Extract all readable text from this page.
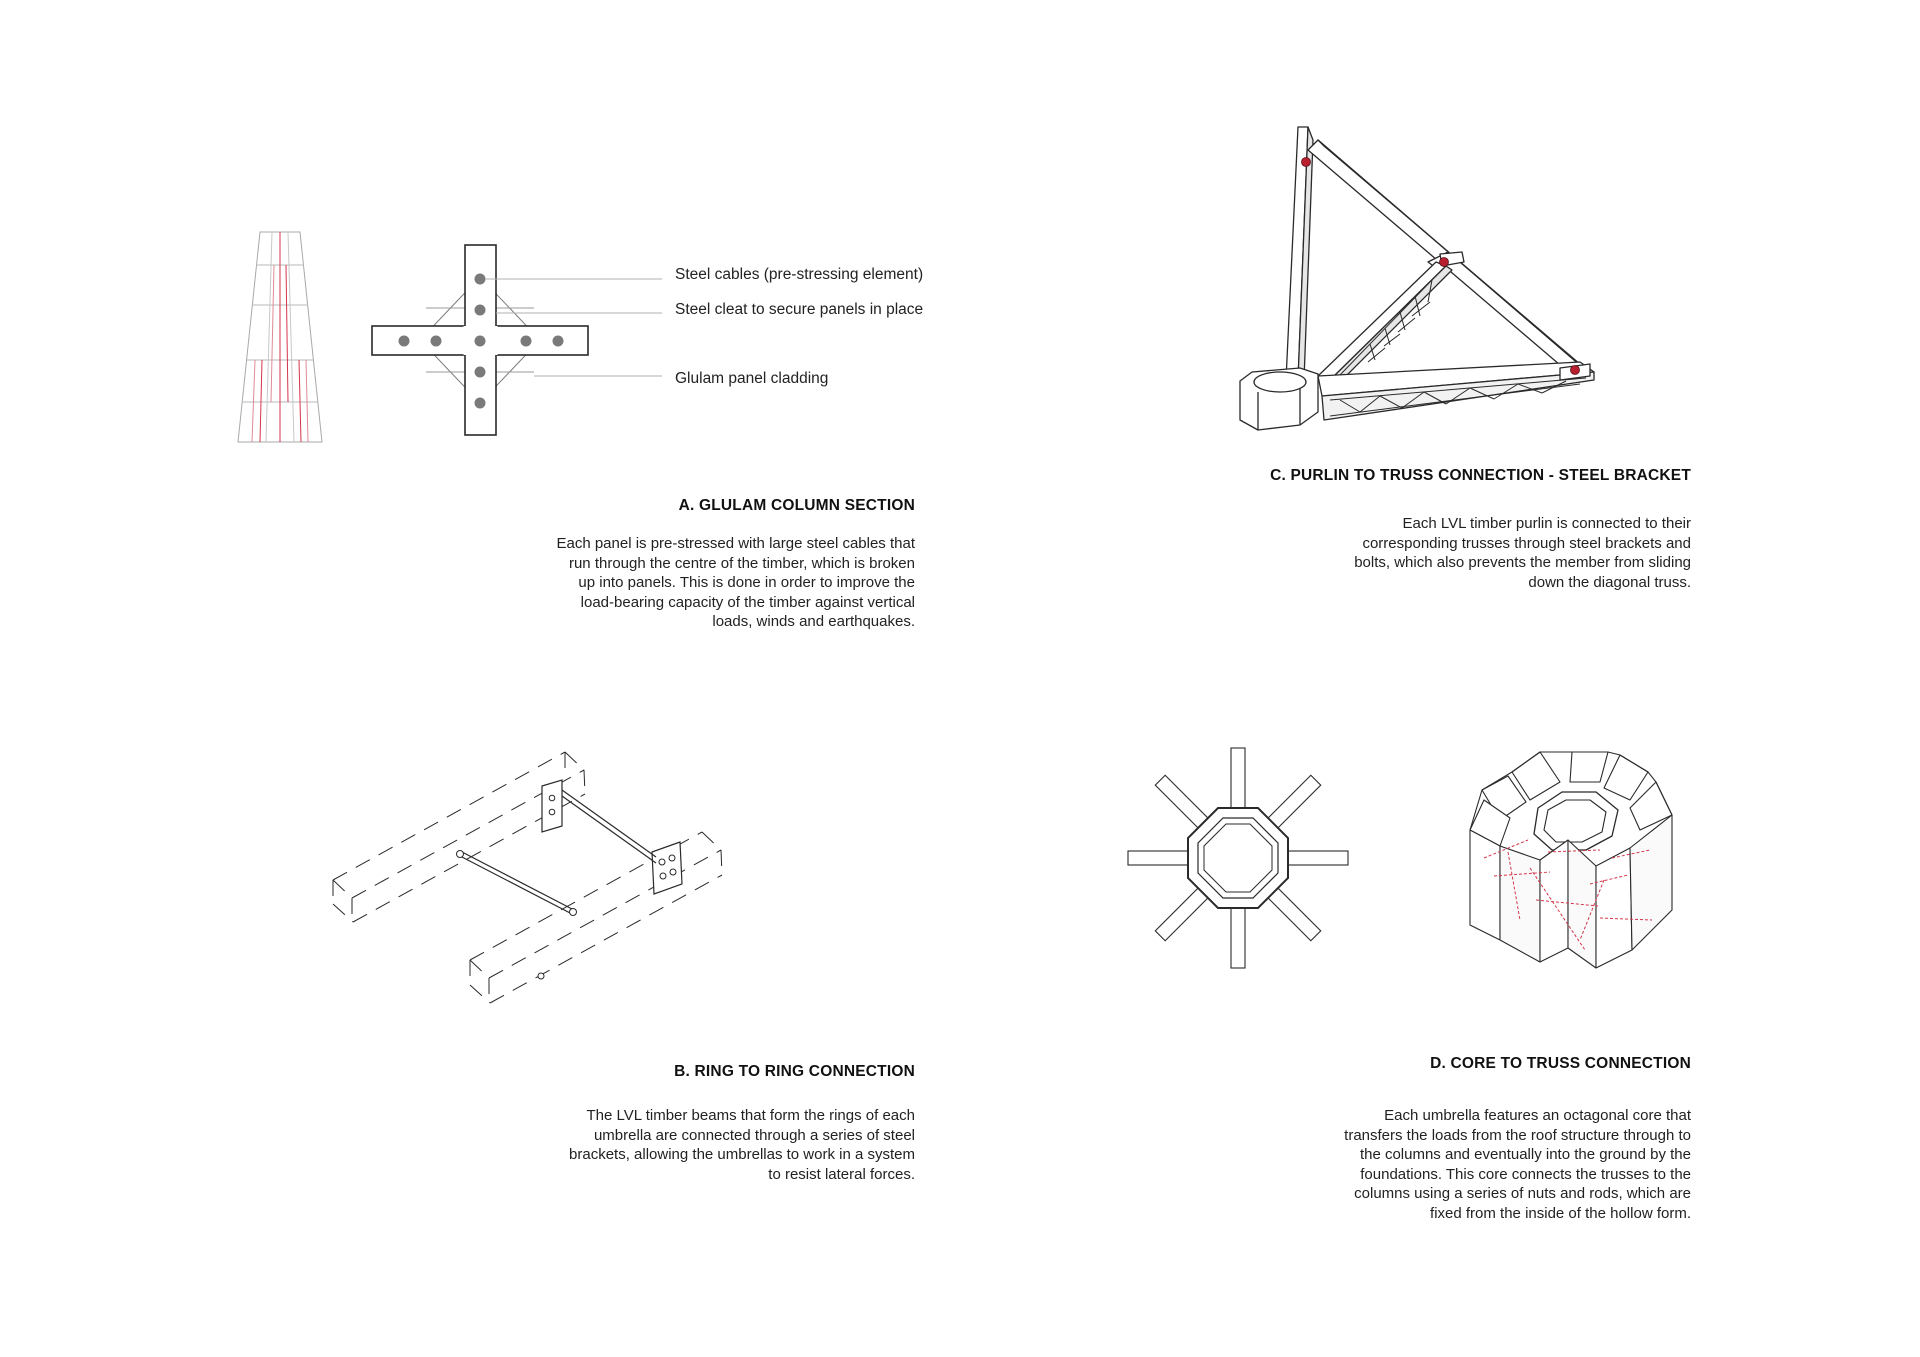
Steel cables (pre-stressing element)
Steel cleat to secure panels in place
Glulam panel cladding
A. GLULAM COLUMN SECTION
Each panel is pre-stressed with large steel cables that
run through the centre of the timber, which is broken
up into panels. This is done in order to improve the
load-bearing capacity of the timber against vertical
loads, winds and earthquakes.
C. PURLIN TO TRUSS CONNECTION - STEEL BRACKET
Each LVL timber purlin is connected to their
corresponding trusses through steel brackets and
bolts, which also prevents the member from sliding
down the diagonal truss.
B. RING TO RING CONNECTION
The LVL timber beams that form the rings of each
umbrella are connected through a series of steel
brackets, allowing the umbrellas to work in a system
to resist lateral forces.
D. CORE TO TRUSS CONNECTION
Each umbrella features an octagonal core that
transfers the loads from the roof structure through to
the columns and eventually into the ground by the
foundations. This core connects the trusses to the
columns using a series of nuts and rods, which are
fixed from the inside of the hollow form.
